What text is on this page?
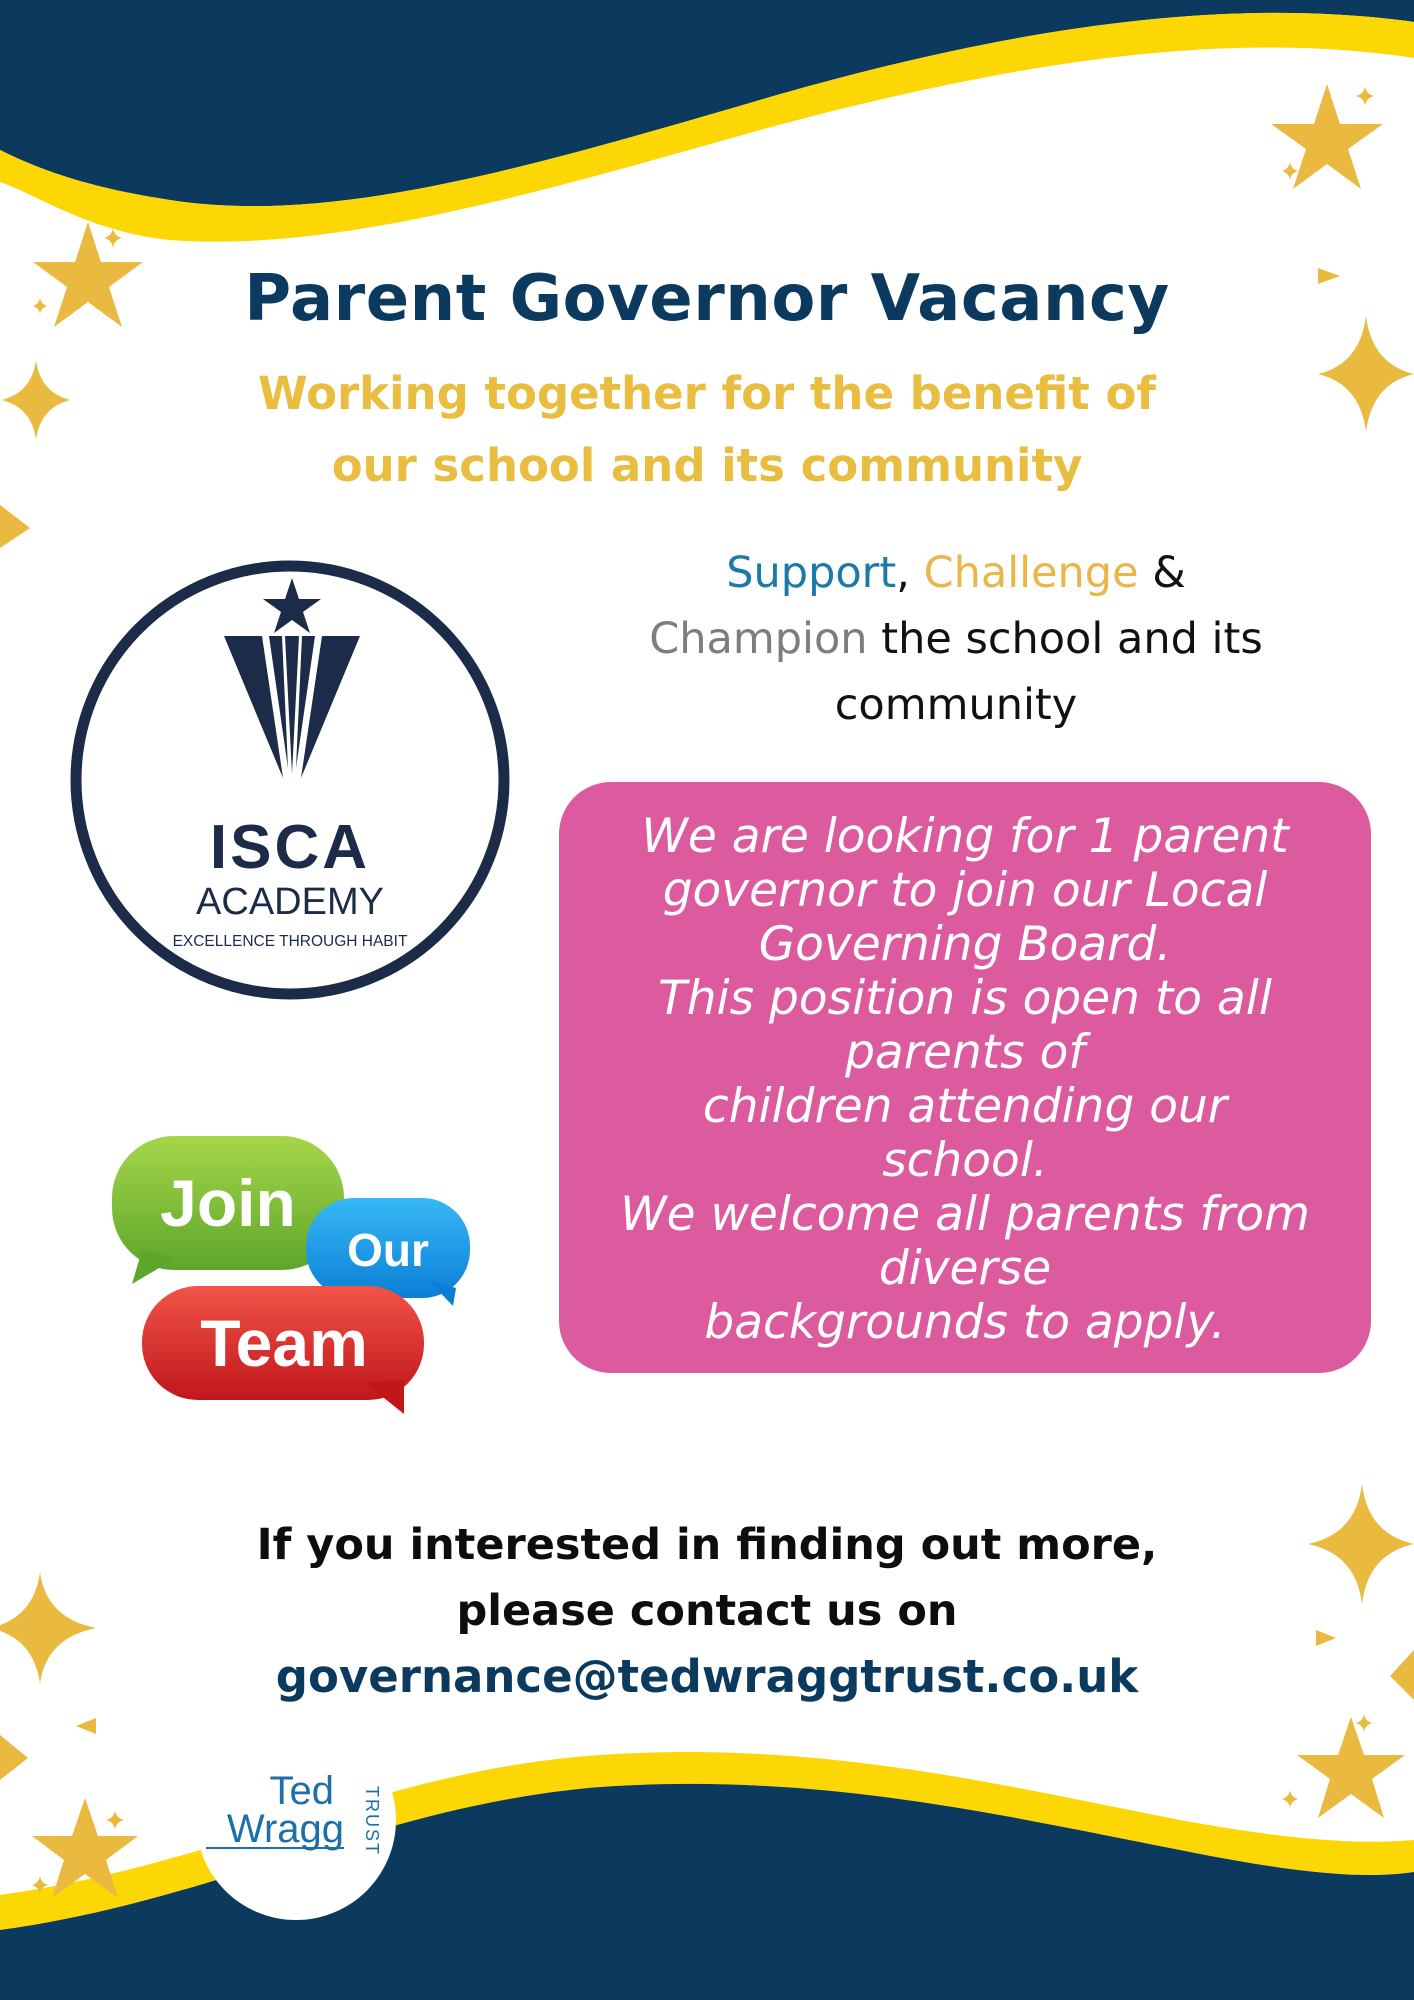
Parent Governor Vacancy
Working together for the benefit of
our school and its community
ISCA
ACADEMY
EXCELLENCE THROUGH HABIT
Support, Challenge &
Champion the school and its
community
We are looking for 1 parent
governor to join our Local
Governing Board.
This position is open to all
parents of
children attending our
school.
We welcome all parents from
diverse
backgrounds to apply.
Join
Our
Team
If you interested in finding out more,
please contact us on
governance@tedwraggtrust.co.uk
Ted
Wragg TRUST
